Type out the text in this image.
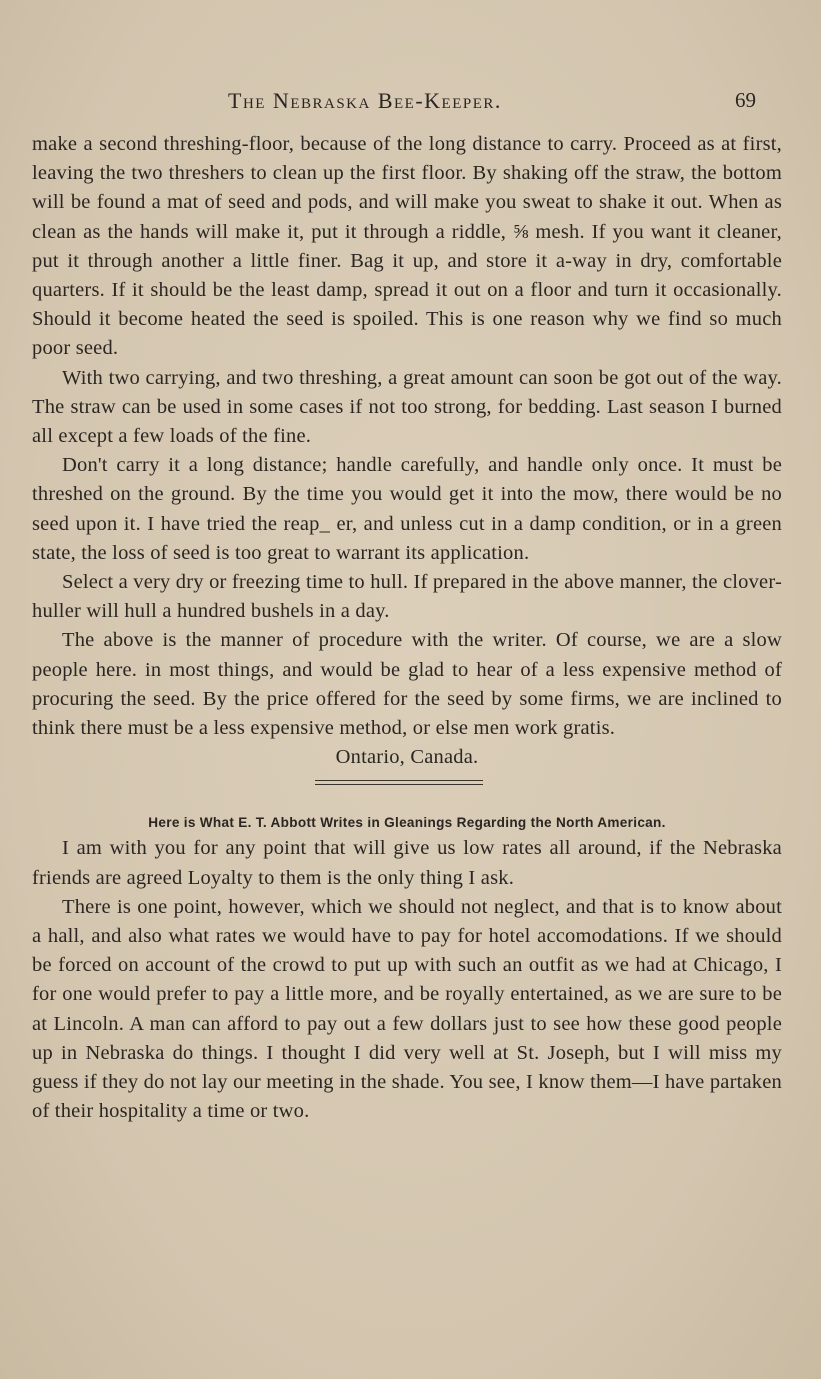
The Nebraska Bee-Keeper.	69

make a second threshing-floor, because of the long distance to carry. Proceed as at first, leaving the two threshers to clean up the first floor. By shaking off the straw, the bottom will be found a mat of seed and pods, and will make you sweat to shake it out. When as clean as the hands will make it, put it through a riddle, ⅝ mesh. If you want it cleaner, put it through another a little finer. Bag it up, and store it a-way in dry, comfortable quarters. If it should be the least damp, spread it out on a floor and turn it occasionally. Should it become heated the seed is spoiled. This is one reason why we find so much poor seed.

With two carrying, and two threshing, a great amount can soon be got out of the way. The straw can be used in some cases if not too strong, for bedding. Last season I burned all except a few loads of the fine.

Don't carry it a long distance; handle carefully, and handle only once. It must be threshed on the ground. By the time you would get it into the mow, there would be no seed upon it. I have tried the reap_ er, and unless cut in a damp condition, or in a green state, the loss of seed is too great to warrant its application.

Select a very dry or freezing time to hull. If prepared in the above manner, the clover-huller will hull a hundred bushels in a day.

The above is the manner of procedure with the writer. Of course, we are a slow people here. in most things, and would be glad to hear of a less expensive method of procuring the seed. By the price offered for the seed by some firms, we are inclined to think there must be a less expensive method, or else men work gratis.

Ontario, Canada.

Here is What E. T. Abbott Writes in Gleanings Regarding the North American.

I am with you for any point that will give us low rates all around, if the Nebraska friends are agreed Loyalty to them is the only thing I ask.

There is one point, however, which we should not neglect, and that is to know about a hall, and also what rates we would have to pay for hotel accomodations. If we should be forced on account of the crowd to put up with such an outfit as we had at Chicago, I for one would prefer to pay a little more, and be royally entertained, as we are sure to be at Lincoln. A man can afford to pay out a few dollars just to see how these good people up in Nebraska do things. I thought I did very well at St. Joseph, but I will miss my guess if they do not lay our meeting in the shade. You see, I know them—I have partaken of their hospitality a time or two.
